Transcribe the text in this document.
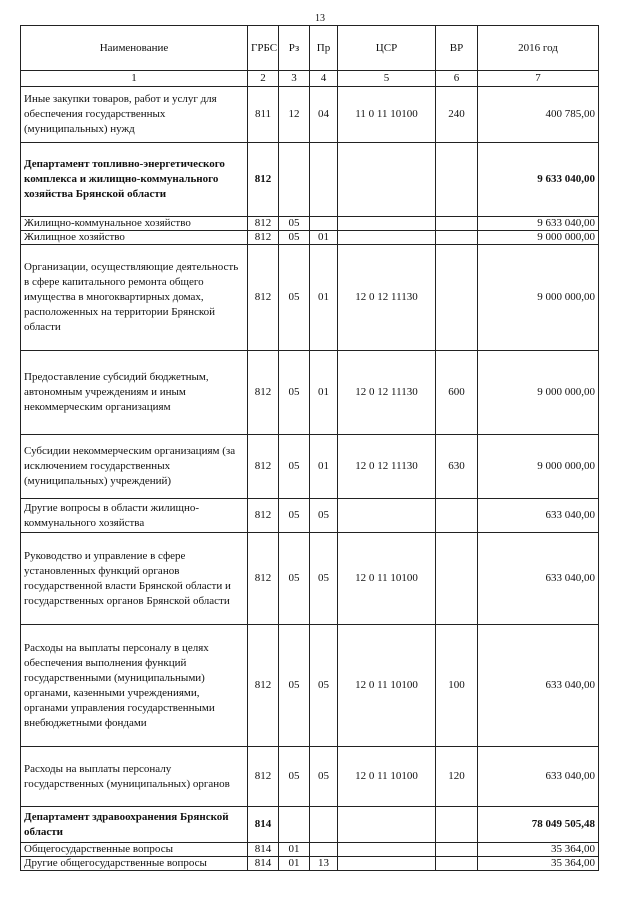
13
Наименование	ГРБС	Рз	Пр	ЦСР	ВР	2016 год
1	2	3	4	5	6	7
Иные закупки товаров, работ и услуг для обеспечения государственных (муниципальных) нужд	811	12	04	11 0 11 10100	240	400 785,00
Департамент топливно-энергетического комплекса и жилищно-коммунального хозяйства Брянской области	812					9 633 040,00
Жилищно-коммунальное хозяйство	812	05				9 633 040,00
Жилищное хозяйство	812	05	01			9 000 000,00
Организации, осуществляющие деятельность в сфере капитального ремонта общего имущества в многоквартирных домах, расположенных на территории Брянской области	812	05	01	12 0 12 11130		9 000 000,00
Предоставление субсидий бюджетным, автономным учреждениям и иным некоммерческим организациям	812	05	01	12 0 12 11130	600	9 000 000,00
Субсидии некоммерческим организациям (за исключением государственных (муниципальных) учреждений)	812	05	01	12 0 12 11130	630	9 000 000,00
Другие вопросы в области жилищно-коммунального хозяйства	812	05	05			633 040,00
Руководство и управление в сфере установленных функций органов государственной власти Брянской области и государственных органов Брянской области	812	05	05	12 0 11 10100		633 040,00
Расходы на выплаты персоналу в целях обеспечения выполнения функций государственными (муниципальными) органами, казенными учреждениями, органами управления государственными внебюджетными фондами	812	05	05	12 0 11 10100	100	633 040,00
Расходы на выплаты персоналу государственных (муниципальных) органов	812	05	05	12 0 11 10100	120	633 040,00
Департамент здравоохранения Брянской области	814					78 049 505,48
Общегосударственные вопросы	814	01				35 364,00
Другие общегосударственные вопросы	814	01	13			35 364,00
